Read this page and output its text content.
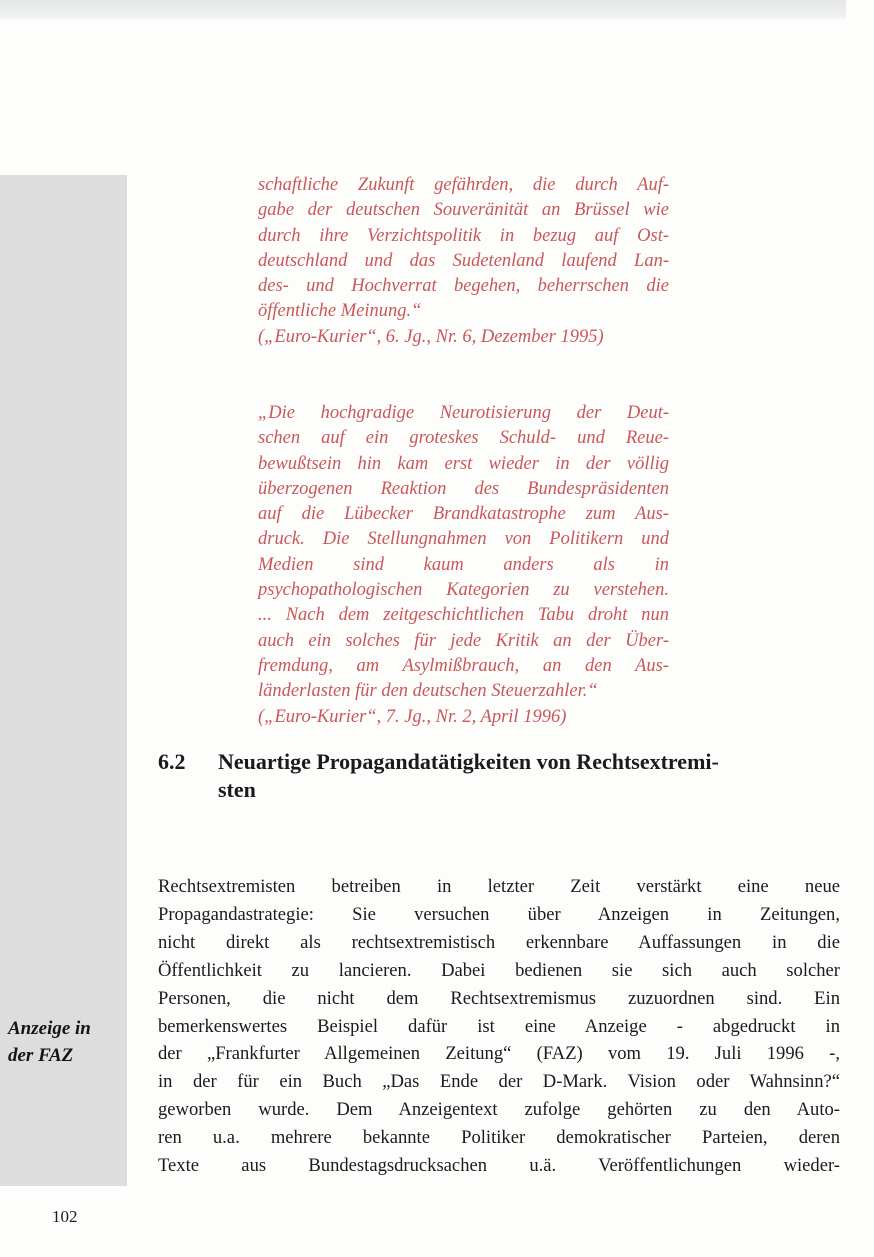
schaftliche Zukunft gefährden, die durch Auf-
gabe der deutschen Souveränität an Brüssel wie
durch ihre Verzichtspolitik in bezug auf Ost-
deutschland und das Sudetenland laufend Lan-
des- und Hochverrat begehen, beherrschen die
öffentliche Meinung.“
(„Euro-Kurier“, 6. Jg., Nr. 6, Dezember 1995)
„Die hochgradige Neurotisierung der Deut-
schen auf ein groteskes Schuld- und Reue-
bewußtsein hin kam erst wieder in der völlig
überzogenen Reaktion des Bundespräsidenten
auf die Lübecker Brandkatastrophe zum Aus-
druck. Die Stellungnahmen von Politikern und
Medien sind kaum anders als in
psychopathologischen Kategorien zu verstehen.
... Nach dem zeitgeschichtlichen Tabu droht nun
auch ein solches für jede Kritik an der Über-
fremdung, am Asylmißbrauch, an den Aus-
länderlasten für den deutschen Steuerzahler.“
(„Euro-Kurier“, 7. Jg., Nr. 2, April 1996)
6.2 Neuartige Propagandatätigkeiten von Rechtsextremi-
sten
Rechtsextremisten betreiben in letzter Zeit verstärkt eine neue
Propagandastrategie: Sie versuchen über Anzeigen in Zeitungen,
nicht direkt als rechtsextremistisch erkennbare Auffassungen in die
Öffentlichkeit zu lancieren. Dabei bedienen sie sich auch solcher
Personen, die nicht dem Rechtsextremismus zuzuordnen sind. Ein
bemerkenswertes Beispiel dafür ist eine Anzeige - abgedruckt in
der „Frankfurter Allgemeinen Zeitung“ (FAZ) vom 19. Juli 1996 -,
in der für ein Buch „Das Ende der D-Mark. Vision oder Wahnsinn?“
geworben wurde. Dem Anzeigentext zufolge gehörten zu den Auto-
ren u.a. mehrere bekannte Politiker demokratischer Parteien, deren
Texte aus Bundestagsdrucksachen u.ä. Veröffentlichungen wieder-
Anzeige in
der FAZ
102
